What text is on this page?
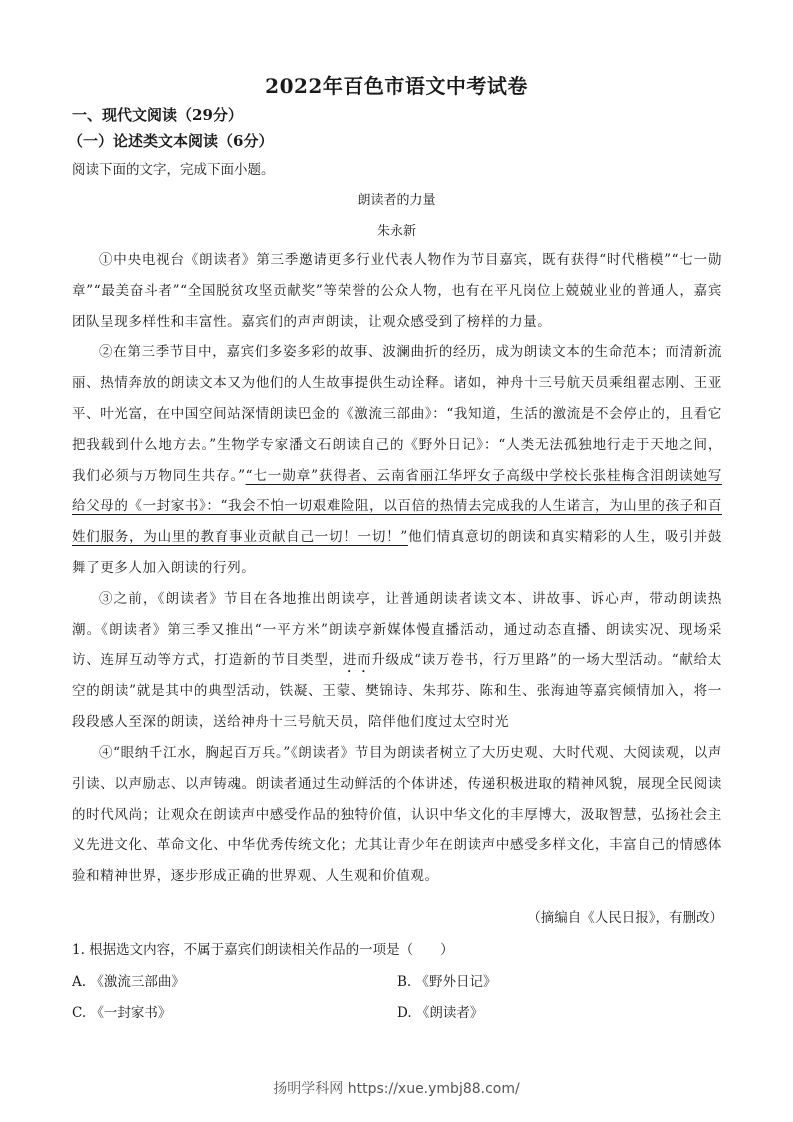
2022年百色市语文中考试卷
一、现代文阅读（29分）
（一）论述类文本阅读（6分）
阅读下面的文字，完成下面小题。
朗读者的力量
朱永新

①中央电视台《朗读者》第三季邀请更多行业代表人物作为节目嘉宾，既有获得“时代楷模”“七一勋章”“最美奋斗者”“全国脱贫攻坚贡献奖”等荣誉的公众人物，也有在平凡岗位上兢兢业业的普通人，嘉宾团队呈现多样性和丰富性。嘉宾们的声声朗读，让观众感受到了榜样的力量。

②在第三季节目中，嘉宾们多姿多彩的故事、波澜曲折的经历，成为朗读文本的生命范本；而清新流丽、热情奔放的朗读文本又为他们的人生故事提供生动诠释。诸如，神舟十三号航天员乘组翟志刚、王亚平、叶光富，在中国空间站深情朗读巴金的《激流三部曲》：“我知道，生活的激流是不会停止的，且看它把我载到什么地方去。”生物学专家潘文石朗读自己的《野外日记》：“人类无法孤独地行走于天地之间，我们必须与万物同生共存。”“七一勋章”获得者、云南省丽江华坪女子高级中学校长张桂梅含泪朗读她写给父母的《一封家书》：“我会不怕一切艰难险阻，以百倍的热情去完成我的人生诺言，为山里的孩子和百姓们服务，为山里的教育事业贡献自己一切！一切！”他们情真意切的朗读和真实精彩的人生，吸引并鼓舞了更多人加入朗读的行列。

③之前，《朗读者》节目在各地推出朗读亭，让普通朗读者读文本、讲故事、诉心声，带动朗读热潮。《朗读者》第三季又推出“一平方米”朗读亭新媒体慢直播活动，通过动态直播、朗读实况、现场采访、连屏互动等方式，打造新的节目类型，进而升级成“读万卷书，行万里路”的一场大型活动。“献给太空的朗读”就是其中的典型活动，铁凝、王蒙、樊锦诗、朱邦芬、陈和生、张海迪等嘉宾倾情加入，将一段段感人至深的朗读，送给神舟十三号航天员，陪伴他们度过太空时光

④“眼纳千江水，胸起百万兵。”《朗读者》节目为朗读者树立了大历史观、大时代观、大阅读观，以声引读、以声励志、以声铸魂。朗读者通过生动鲜活的个体讲述，传递积极进取的精神风貌，展现全民阅读的时代风尚；让观众在朗读声中感受作品的独特价值，认识中华文化的丰厚博大，汲取智慧，弘扬社会主义先进文化、革命文化、中华优秀传统文化；尤其让青少年在朗读声中感受多样文化，丰富自己的情感体验和精神世界，逐步形成正确的世界观、人生观和价值观。

（摘编自《人民日报》，有删改）
1. 根据选文内容，不属于嘉宾们朗读相关作品的一项是（　　）
A. 《激流三部曲》	B. 《野外日记》
C. 《一封家书》	D. 《朗读者》
扬明学科网 https://xue.ymbj88.com/
